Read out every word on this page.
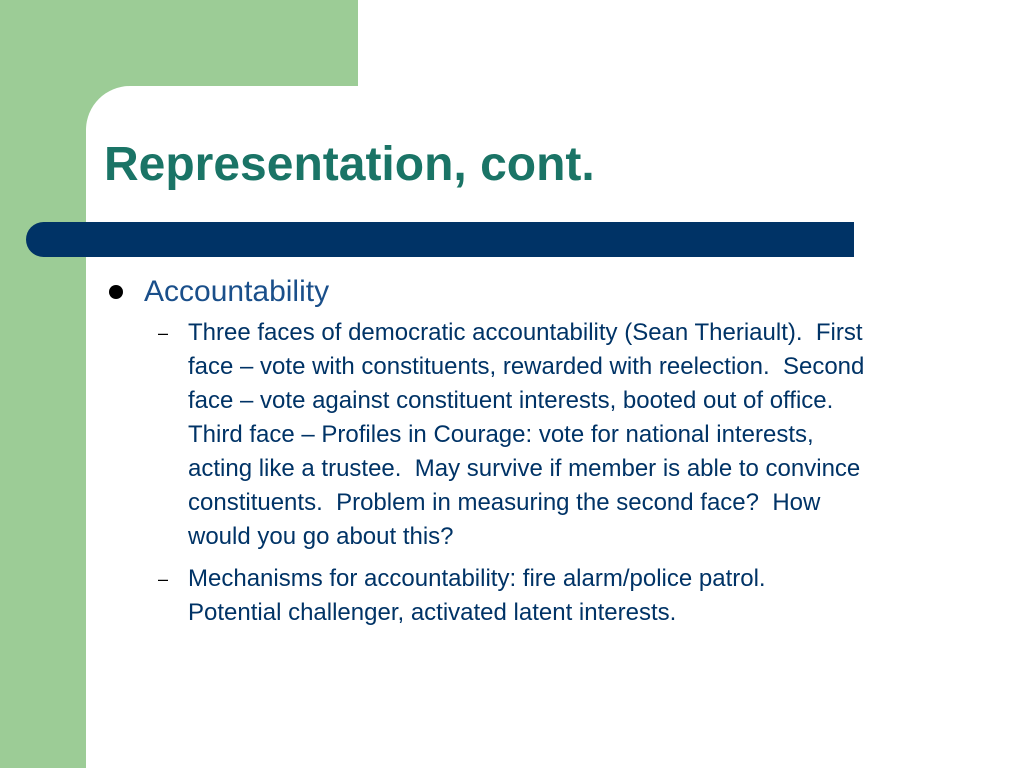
Representation, cont.
Accountability
– Three faces of democratic accountability (Sean Theriault).  First
face – vote with constituents, rewarded with reelection.  Second
face – vote against constituent interests, booted out of office.
Third face – Profiles in Courage: vote for national interests,
acting like a trustee.  May survive if member is able to convince
constituents.  Problem in measuring the second face?  How
would you go about this?
– Mechanisms for accountability: fire alarm/police patrol.
Potential challenger, activated latent interests.
